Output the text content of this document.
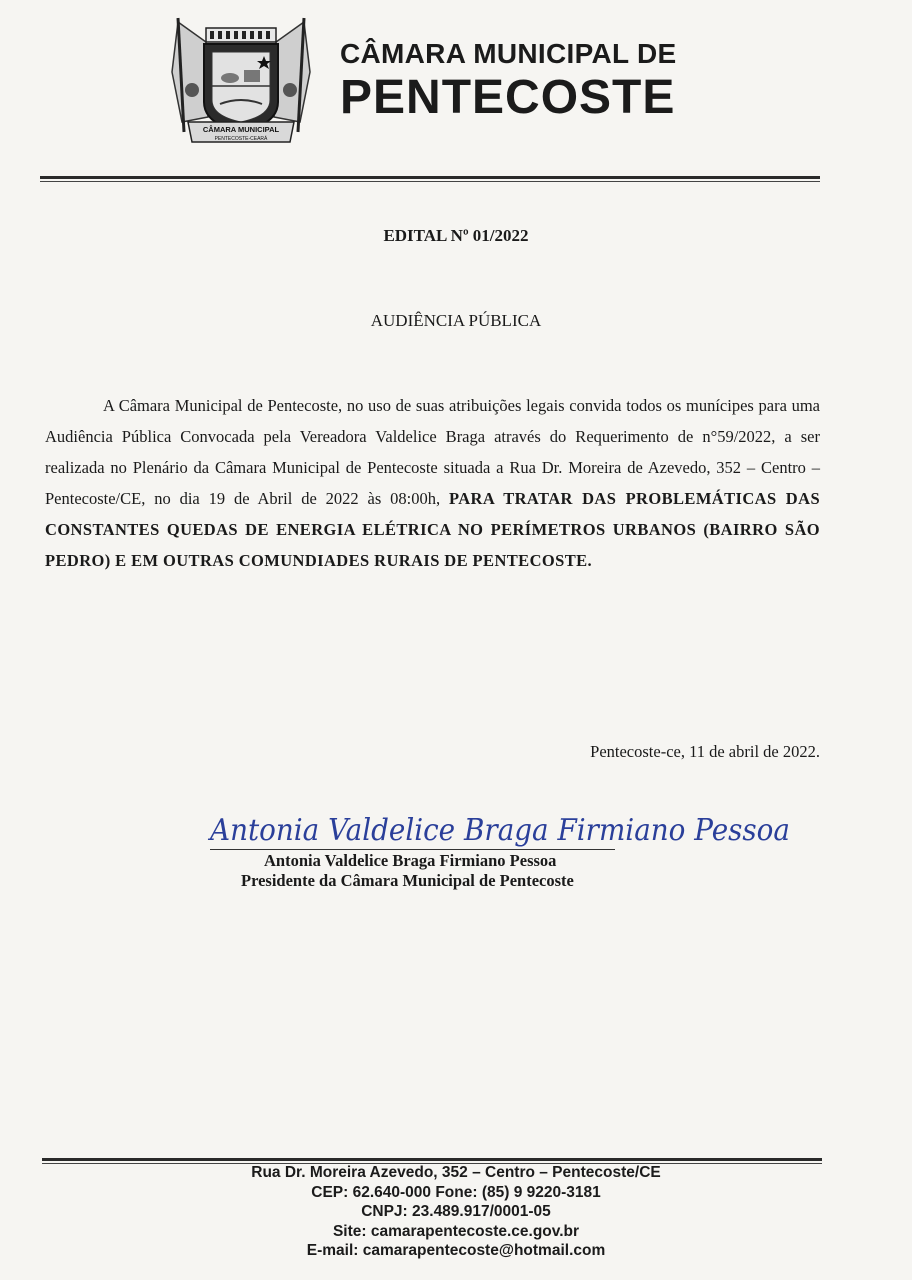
CÂMARA MUNICIPAL
PENTECOSTE-CEARÁ
CÂMARA MUNICIPAL DE
PENTECOSTE
EDITAL Nº 01/2022
AUDIÊNCIA PÚBLICA

A Câmara Municipal de Pentecoste, no uso de suas atribuições legais convida todos os munícipes para uma Audiência Pública Convocada pela Vereadora Valdelice Braga através do Requerimento de n°59/2022, a ser realizada no Plenário da Câmara Municipal de Pentecoste situada a Rua Dr. Moreira de Azevedo, 352 – Centro – Pentecoste/CE, no dia 19 de Abril de 2022 às 08:00h, PARA TRATAR DAS PROBLEMÁTICAS DAS CONSTANTES QUEDAS DE ENERGIA ELÉTRICA NO PERÍMETROS URBANOS (BAIRRO SÃO PEDRO) E EM OUTRAS COMUNDIADES RURAIS DE PENTECOSTE.

Pentecoste-ce, 11 de abril de 2022.
Antonia Valdelice Braga Firmiano Pessoa
Antonia Valdelice Braga Firmiano Pessoa
Presidente da Câmara Municipal de Pentecoste
Rua Dr. Moreira Azevedo, 352 – Centro – Pentecoste/CE
CEP: 62.640-000 Fone: (85) 9 9220-3181
CNPJ: 23.489.917/0001-05
Site: camarapentecoste.ce.gov.br
E-mail: camarapentecoste@hotmail.com
